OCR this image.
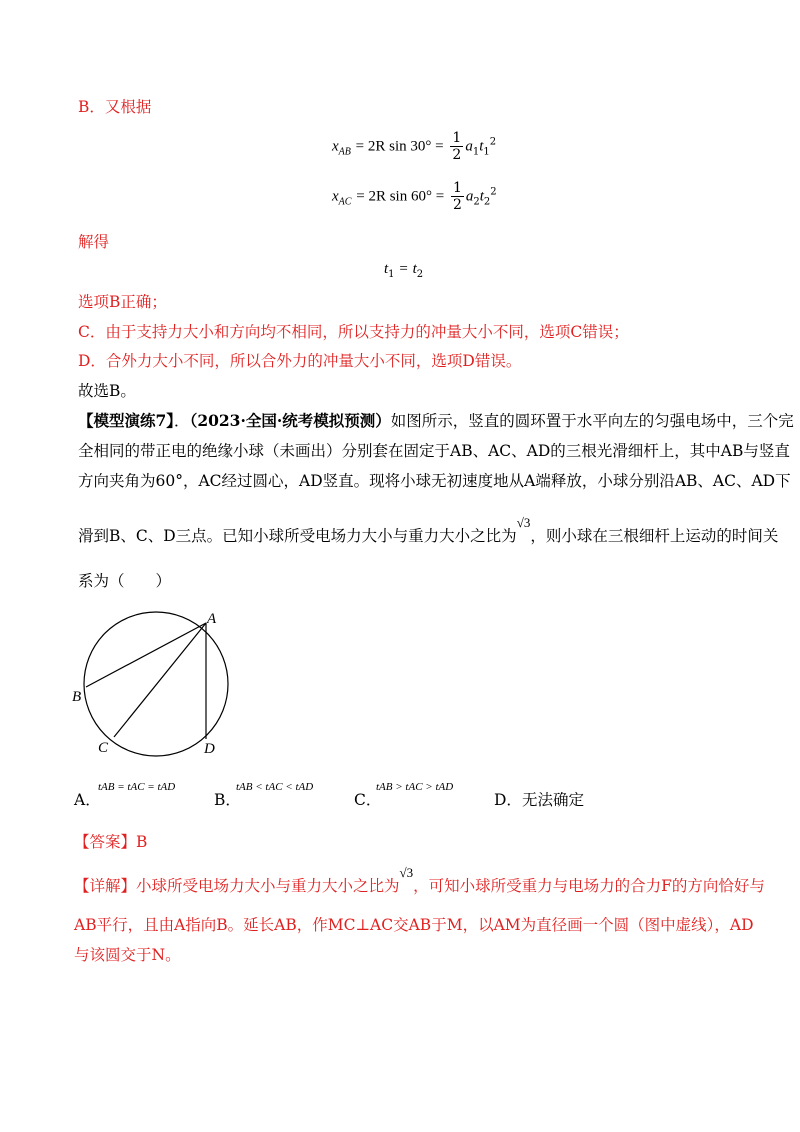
B．又根据
$x_{AB} = 2R$ $\sin 30^\circ = \frac{1}{2} a_1t_1^2$
$x_{AC} = 2R$ $\sin 60^\circ = \frac{1}{2} a_2t_2^2$
解得
$t_1 = t_2$
选项B正确；
C．由于支持力大小和方向均不相同，所以支持力的冲量大小不同，选项C错误；
D．合外力大小不同，所以合外力的冲量大小不同，选项D错误。
故选B。
【模型演练7】．（2023·全国·统考模拟预测）如图所示，竖直的圆环置于水平向左的匀强电场中，三个完
全相同的带正电的绝缘小球（未画出）分别套在固定于AB、AC、AD的三根光滑细杆上，其中AB与竖直
方向夹角为60°，AC经过圆心，AD竖直。现将小球无初速度地从A端释放，小球分别沿AB、AC、AD下
滑到B、C、D三点。已知小球所受电场力大小与重力大小之比为$^{√3}$，则小球在三根细杆上运动的时间关
系为（　　）
A
B
C	D
A．
tAB = tAC = tAD
B．
tAB < tAC < tAD
C．
tAB > tAC > tAD
D．无法确定
【答案】B
【详解】小球所受电场力大小与重力大小之比为$^{√3}$，可知小球所受重力与电场力的合力F的方向恰好与
AB平行，且由A指向B。延长AB，作MC⊥AC交AB于M，以AM为直径画一个圆（图中虚线），AD
与该圆交于N。
